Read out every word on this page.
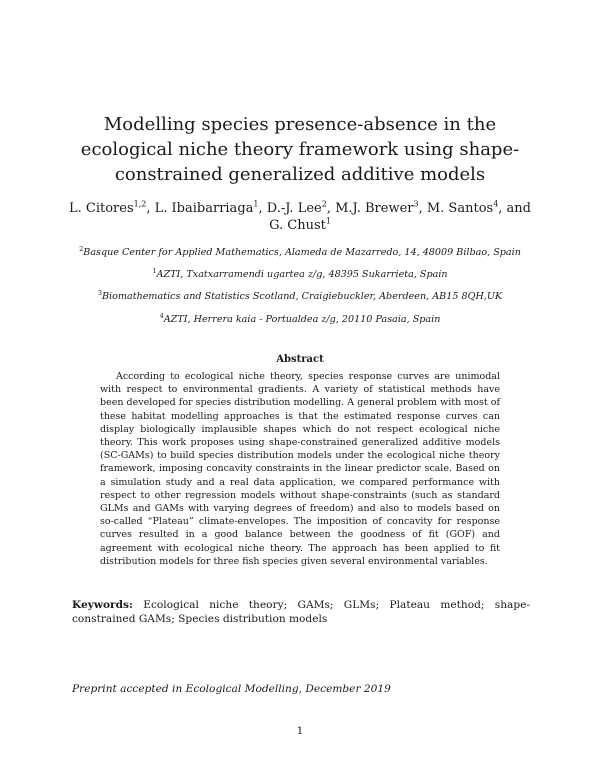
Modelling species presence-absence in the ecological niche theory framework using shape-constrained generalized additive models
L. Citores$^{1,2}$, L. Ibaibarriaga$^1$, D.-J. Lee$^2$, M.J. Brewer$^3$, M. Santos$^4$, and G. Chust$^1$
$^2$Basque Center for Applied Mathematics, Alameda de Mazarredo, 14, 48009 Bilbao, Spain
$^1$AZTI, Txatxarramendi ugartea z/g, 48395 Sukarrieta, Spain
$^3$Biomathematics and Statistics Scotland, Craigiebuckler, Aberdeen, AB15 8QH,UK
$^4$AZTI, Herrera kaia - Portualdea z/g, 20110 Pasaia, Spain
Abstract

According to ecological niche theory, species response curves are unimodal with respect to environmental gradients. A variety of statistical methods have been developed for species distribution modelling. A general problem with most of these habitat modelling approaches is that the estimated response curves can display biologically implausible shapes which do not respect ecological niche theory. This work proposes using shape-constrained generalized additive models (SC-GAMs) to build species distribution models under the ecological niche theory framework, imposing concavity constraints in the linear predictor scale. Based on a simulation study and a real data application, we compared performance with respect to other regression models without shape-constraints (such as standard GLMs and GAMs with varying degrees of freedom) and also to models based on so-called “Plateau” climate-envelopes. The imposition of concavity for response curves resulted in a good balance between the goodness of fit (GOF) and agreement with ecological niche theory. The approach has been applied to fit distribution models for three fish species given several environmental variables.

Keywords: Ecological niche theory; GAMs; GLMs; Plateau method; shape-constrained GAMs; Species distribution models
Preprint accepted in Ecological Modelling, December 2019
1
